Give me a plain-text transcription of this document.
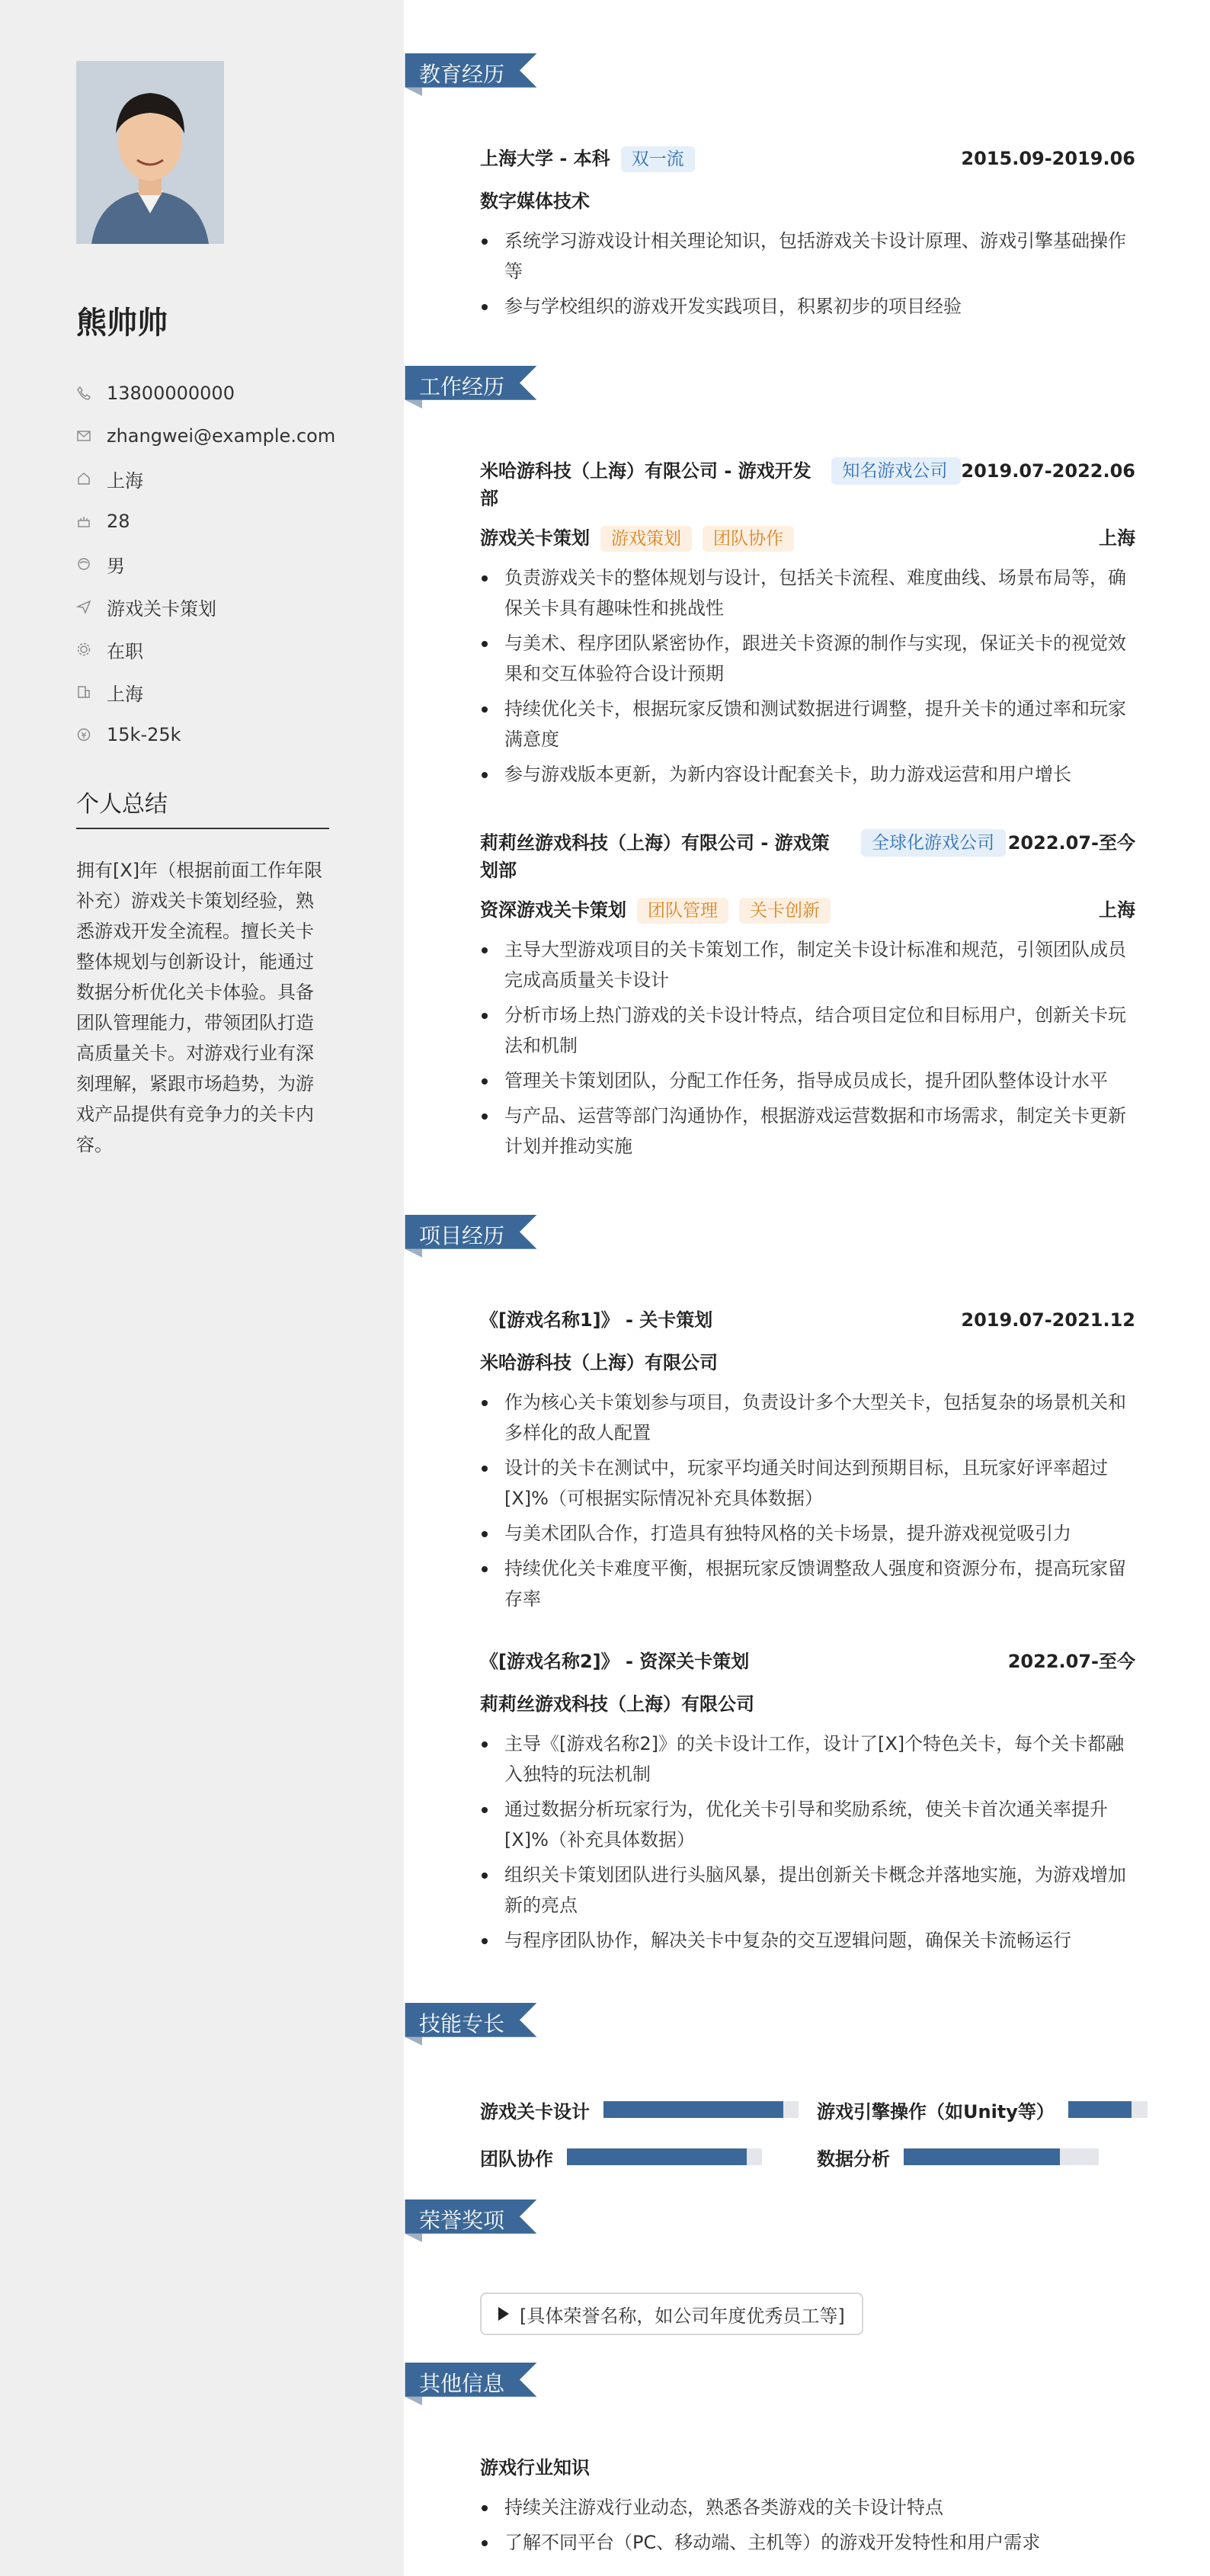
熊帅帅
13800000000
zhangwei@example.com
上海
28
男
游戏关卡策划
在职
上海
15k-25k
个人总结
拥有[X]年（根据前面工作年限补充）游戏关卡策划经验，熟悉游戏开发全流程。擅长关卡整体规划与创新设计，能通过数据分析优化关卡体验。具备团队管理能力，带领团队打造高质量关卡。对游戏行业有深刻理解，紧跟市场趋势，为游戏产品提供有竞争力的关卡内容。
教育经历
工作经历
项目经历
技能专长
荣誉奖项
其他信息
上海大学 - 本科 双一流	2015.09-2019.06
数字媒体技术
系统学习游戏设计相关理论知识，包括游戏关卡设计原理、游戏引擎基础操作等
参与学校组织的游戏开发实践项目，积累初步的项目经验
米哈游科技（上海）有限公司 - 游戏开发部
知名游戏公司 2019.07-2022.06
游戏关卡策划 游戏策划 团队协作	上海
负责游戏关卡的整体规划与设计，包括关卡流程、难度曲线、场景布局等，确保关卡具有趣味性和挑战性
与美术、程序团队紧密协作，跟进关卡资源的制作与实现，保证关卡的视觉效果和交互体验符合设计预期
持续优化关卡，根据玩家反馈和测试数据进行调整，提升关卡的通过率和玩家满意度
参与游戏版本更新，为新内容设计配套关卡，助力游戏运营和用户增长
莉莉丝游戏科技（上海）有限公司 - 游戏策划部
全球化游戏公司 2022.07-至今
资深游戏关卡策划 团队管理 关卡创新	上海
主导大型游戏项目的关卡策划工作，制定关卡设计标准和规范，引领团队成员完成高质量关卡设计
分析市场上热门游戏的关卡设计特点，结合项目定位和目标用户，创新关卡玩法和机制
管理关卡策划团队，分配工作任务，指导成员成长，提升团队整体设计水平
与产品、运营等部门沟通协作，根据游戏运营数据和市场需求，制定关卡更新计划并推动实施
《[游戏名称1]》 - 关卡策划	2019.07-2021.12
米哈游科技（上海）有限公司
作为核心关卡策划参与项目，负责设计多个大型关卡，包括复杂的场景机关和多样化的敌人配置
设计的关卡在测试中，玩家平均通关时间达到预期目标，且玩家好评率超过[X]%（可根据实际情况补充具体数据）
与美术团队合作，打造具有独特风格的关卡场景，提升游戏视觉吸引力
持续优化关卡难度平衡，根据玩家反馈调整敌人强度和资源分布，提高玩家留存率
《[游戏名称2]》 - 资深关卡策划	2022.07-至今
莉莉丝游戏科技（上海）有限公司
主导《[游戏名称2]》的关卡设计工作，设计了[X]个特色关卡，每个关卡都融入独特的玩法机制
通过数据分析玩家行为，优化关卡引导和奖励系统，使关卡首次通关率提升[X]%（补充具体数据）
组织关卡策划团队进行头脑风暴，提出创新关卡概念并落地实施，为游戏增加新的亮点
与程序团队协作，解决关卡中复杂的交互逻辑问题，确保关卡流畅运行
游戏关卡设计	游戏引擎操作（如Unity等）
团队协作	数据分析
[具体荣誉名称，如公司年度优秀员工等]
游戏行业知识
持续关注游戏行业动态，熟悉各类游戏的关卡设计特点
了解不同平台（PC、移动端、主机等）的游戏开发特性和用户需求
